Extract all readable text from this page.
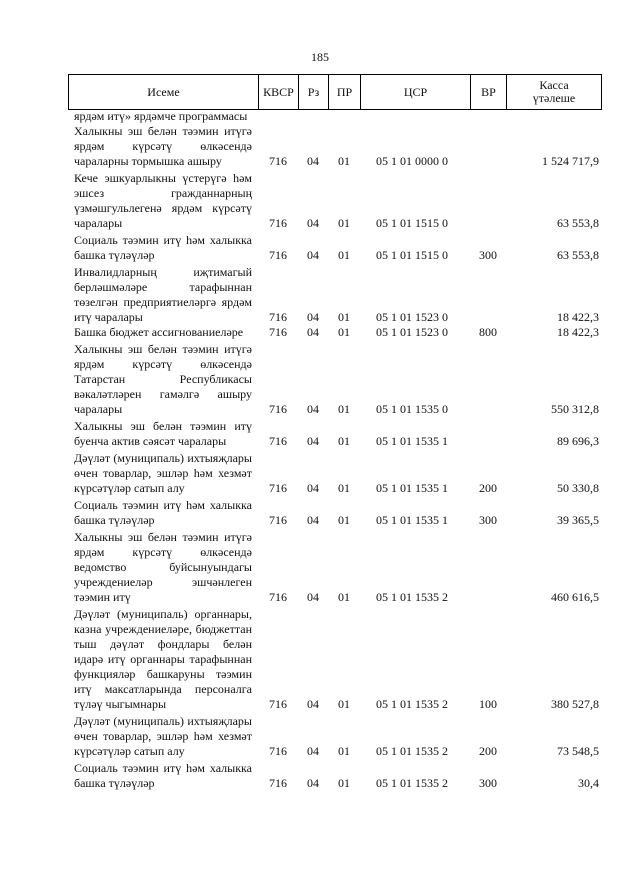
185
Исеме	КВСР	Рз	ПР	ЦСР	ВР	Касса
үтәлеше
ярдәм итү» ярдәмче программасы						
Халыкны эш белән тәэмин итүгә ярдәм күрсәтү өлкәсендә чараларны тормышка ашыру	716	04	01	05 1 01 0000 0		1 524 717,9
Кече эшкуарлыкны үстерүгә һәм эшсез гражданнарның үзмәшгульлегенә ярдәм күрсәтү чаралары	716	04	01	05 1 01 1515 0		63 553,8
Социаль тәэмин итү һәм халыкка башка түләүләр	716	04	01	05 1 01 1515 0	300	63 553,8
Инвалидларның иҗтимагый берләшмәләре тарафыннан төзелгән предприятиеләргә ярдәм итү чаралары	716	04	01	05 1 01 1523 0		18 422,3
Башка бюджет ассигнованиеләре	716	04	01	05 1 01 1523 0	800	18 422,3
Халыкны эш белән тәэмин итүгә ярдәм күрсәтү өлкәсендә Татарстан Республикасы вәкаләтләрен гамәлгә ашыру чаралары	716	04	01	05 1 01 1535 0		550 312,8
Халыкны эш белән тәэмин итү буенча актив сәясәт чаралары	716	04	01	05 1 01 1535 1		89 696,3
Дәүләт (муниципаль) ихтыяҗлары өчен товарлар, эшләр һәм хезмәт күрсәтүләр сатып алу	716	04	01	05 1 01 1535 1	200	50 330,8
Социаль тәэмин итү һәм халыкка башка түләүләр	716	04	01	05 1 01 1535 1	300	39 365,5
Халыкны эш белән тәэмин итүгә ярдәм күрсәтү өлкәсендә ведомство буйсынуындагы учреждениеләр эшчәнлеген тәэмин итү	716	04	01	05 1 01 1535 2		460 616,5
Дәүләт (муниципаль) органнары, казна учреждениеләре, бюджеттан тыш дәүләт фондлары белән идарә итү органнары тарафыннан функцияләр башкаруны тәэмин итү максатларында персоналга түләү чыгымнары	716	04	01	05 1 01 1535 2	100	380 527,8
Дәүләт (муниципаль) ихтыяҗлары өчен товарлар, эшләр һәм хезмәт күрсәтүләр сатып алу	716	04	01	05 1 01 1535 2	200	73 548,5
Социаль тәэмин итү һәм халыкка башка түләүләр	716	04	01	05 1 01 1535 2	300	30,4
